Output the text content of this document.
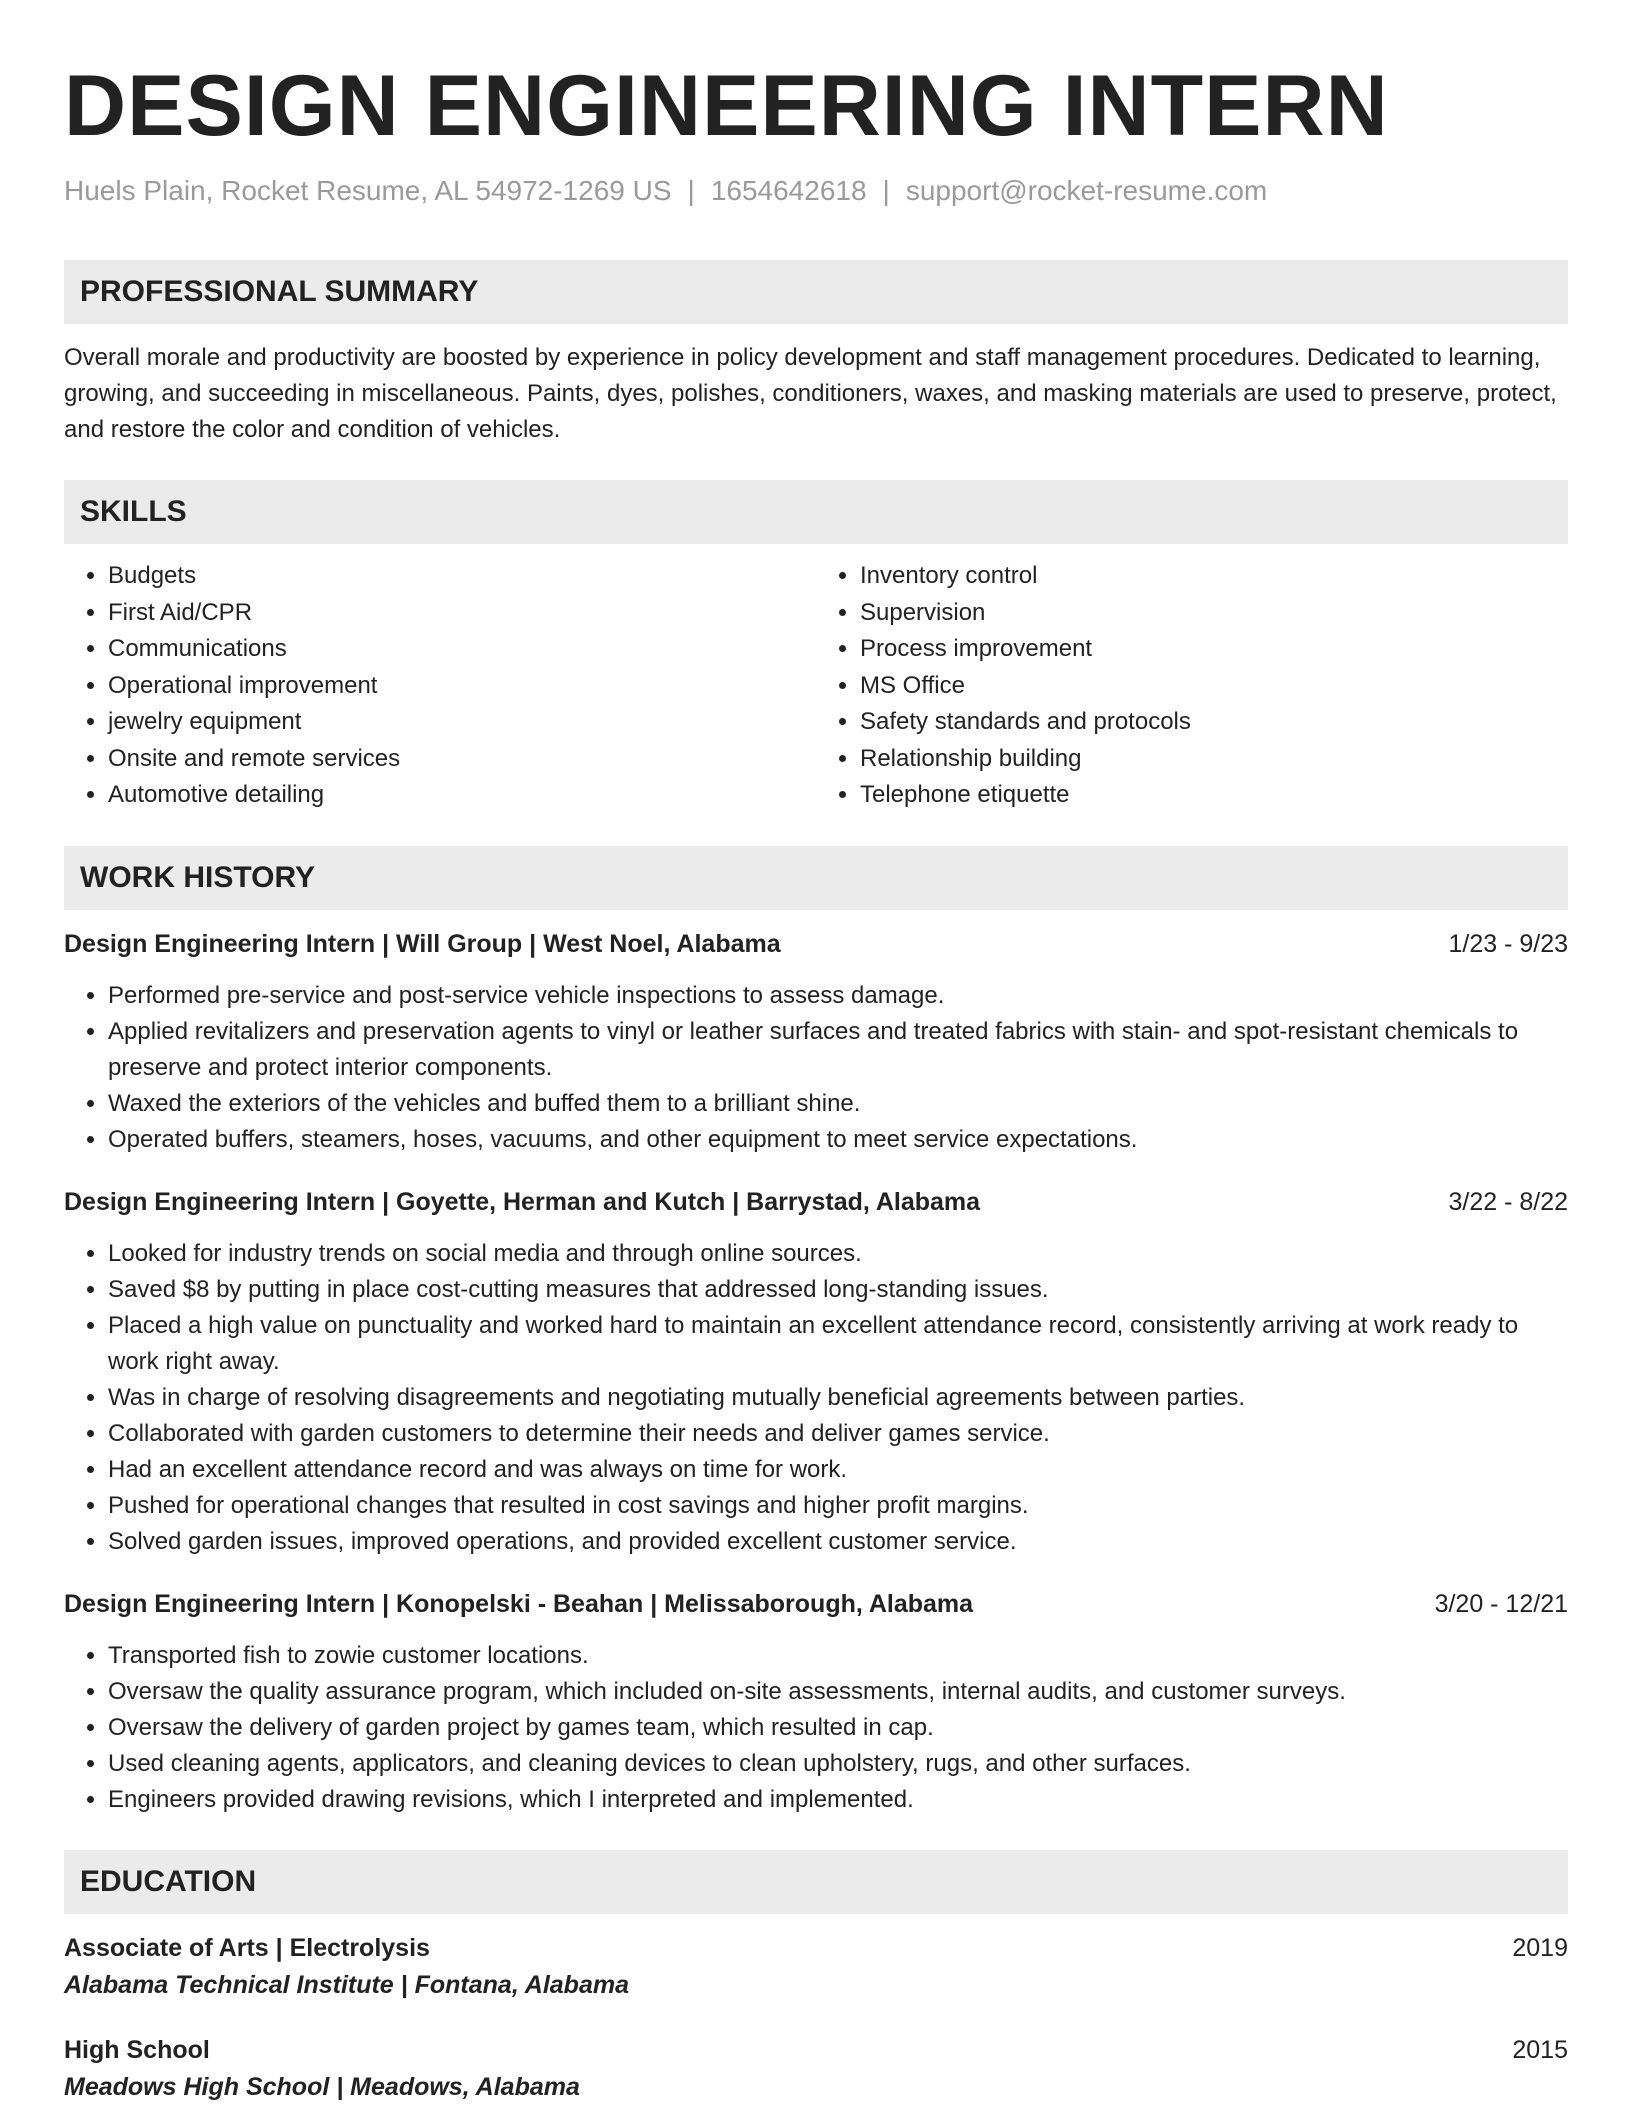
DESIGN ENGINEERING INTERN
Huels Plain, Rocket Resume, AL 54972-1269 US | 1654642618 | support@rocket-resume.com
PROFESSIONAL SUMMARY
Overall morale and productivity are boosted by experience in policy development and staff management procedures. Dedicated to learning, growing, and succeeding in miscellaneous. Paints, dyes, polishes, conditioners, waxes, and masking materials are used to preserve, protect, and restore the color and condition of vehicles.
SKILLS
• Budgets
• First Aid/CPR
• Communications
• Operational improvement
• jewelry equipment
• Onsite and remote services
• Automotive detailing
• Inventory control
• Supervision
• Process improvement
• MS Office
• Safety standards and protocols
• Relationship building
• Telephone etiquette
WORK HISTORY
Design Engineering Intern | Will Group | West Noel, Alabama	1/23 - 9/23
• Performed pre-service and post-service vehicle inspections to assess damage.
• Applied revitalizers and preservation agents to vinyl or leather surfaces and treated fabrics with stain- and spot-resistant chemicals to preserve and protect interior components.
• Waxed the exteriors of the vehicles and buffed them to a brilliant shine.
• Operated buffers, steamers, hoses, vacuums, and other equipment to meet service expectations.
Design Engineering Intern | Goyette, Herman and Kutch | Barrystad, Alabama	3/22 - 8/22
• Looked for industry trends on social media and through online sources.
• Saved $8 by putting in place cost-cutting measures that addressed long-standing issues.
• Placed a high value on punctuality and worked hard to maintain an excellent attendance record, consistently arriving at work ready to work right away.
• Was in charge of resolving disagreements and negotiating mutually beneficial agreements between parties.
• Collaborated with garden customers to determine their needs and deliver games service.
• Had an excellent attendance record and was always on time for work.
• Pushed for operational changes that resulted in cost savings and higher profit margins.
• Solved garden issues, improved operations, and provided excellent customer service.
Design Engineering Intern | Konopelski - Beahan | Melissaborough, Alabama	3/20 - 12/21
• Transported fish to zowie customer locations.
• Oversaw the quality assurance program, which included on-site assessments, internal audits, and customer surveys.
• Oversaw the delivery of garden project by games team, which resulted in cap.
• Used cleaning agents, applicators, and cleaning devices to clean upholstery, rugs, and other surfaces.
• Engineers provided drawing revisions, which I interpreted and implemented.
EDUCATION
Associate of Arts | Electrolysis	2019
Alabama Technical Institute | Fontana, Alabama
High School	2015
Meadows High School | Meadows, Alabama
